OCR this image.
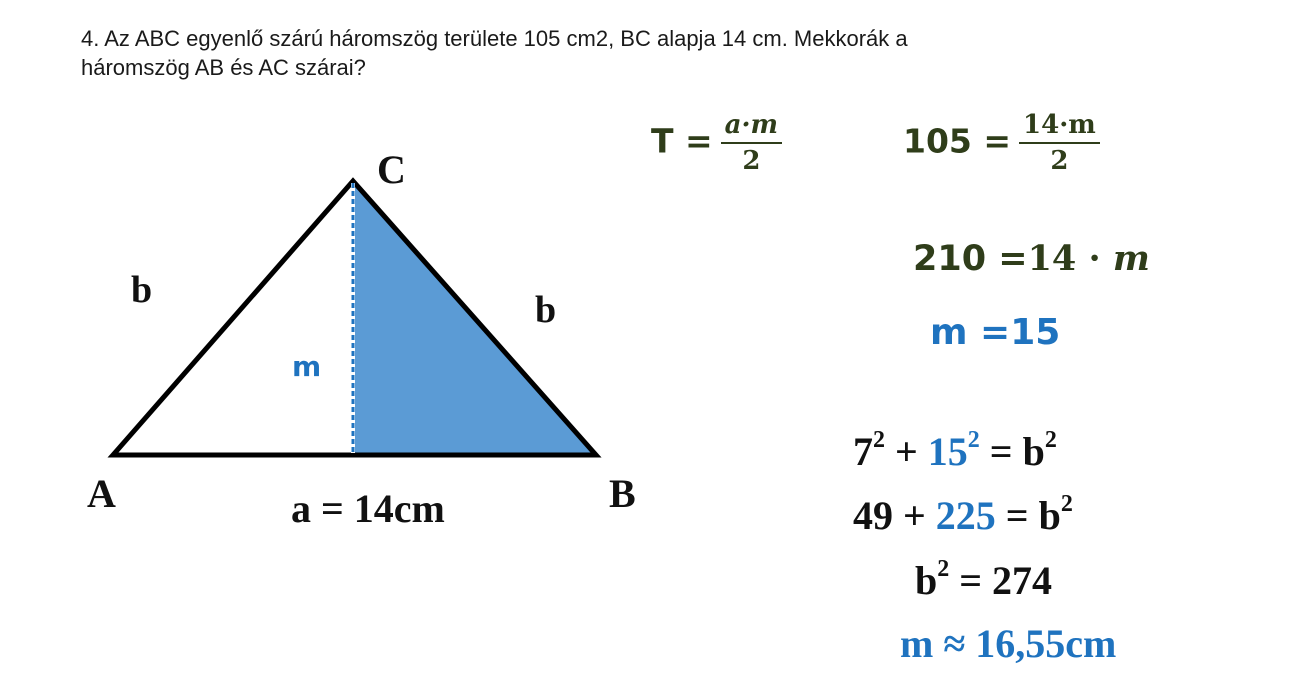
4. Az ABC egyenlő szárú háromszög területe 105 cm2, BC alapja 14 cm. Mekkorák a
háromszög AB és AC szárai?
C
A	B
b	b
m
a = 14cm
$T = \frac{a\cdot m}{2}$	$105 = \frac{14\cdot m}{2}$
210 =14 · m
m =15
$7^2 + 15^2 = b^2$
$49 + 225 = b^2$
$b^2 = 274$
m ≈ 16,55cm
